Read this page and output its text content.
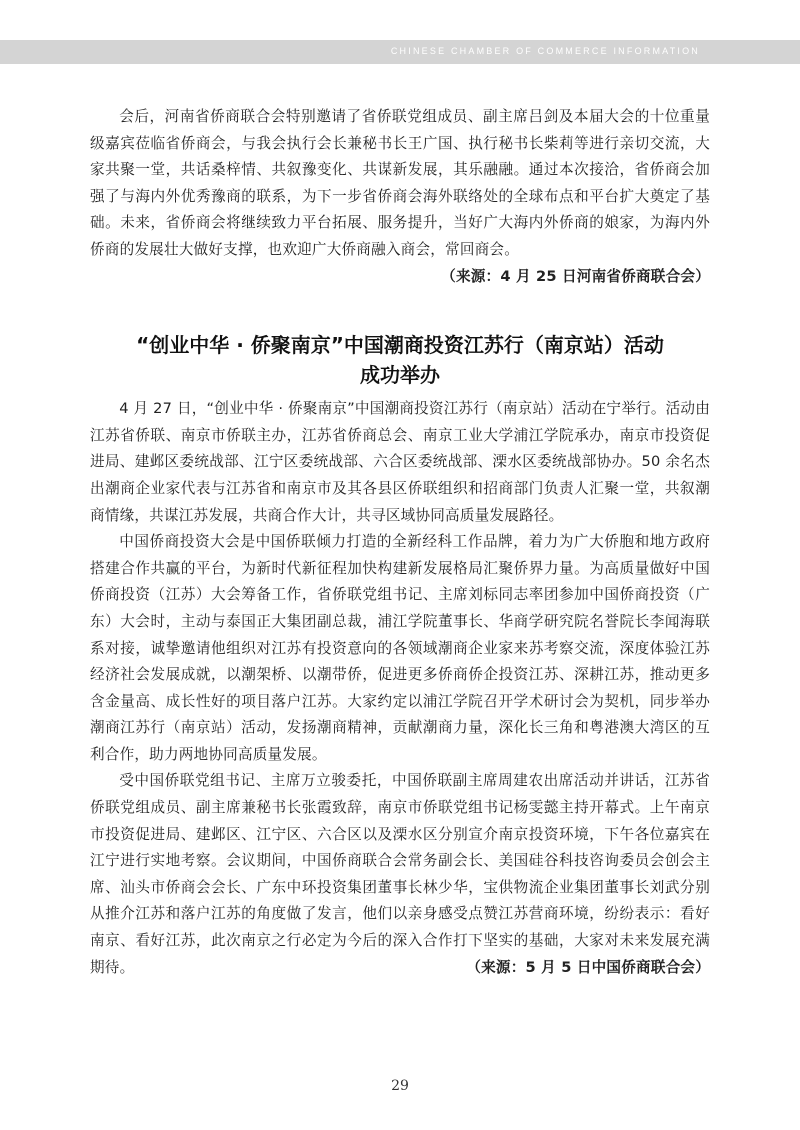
CHINESE CHAMBER OF COMMERCE INFORMATION

会后，河南省侨商联合会特别邀请了省侨联党组成员、副主席吕剑及本届大会的十位重量级嘉宾莅临省侨商会，与我会执行会长兼秘书长王广国、执行秘书长柴莉等进行亲切交流，大家共聚一堂，共话桑梓情、共叙豫变化、共谋新发展，其乐融融。通过本次接洽，省侨商会加强了与海内外优秀豫商的联系，为下一步省侨商会海外联络处的全球布点和平台扩大奠定了基础。未来，省侨商会将继续致力平台拓展、服务提升，当好广大海内外侨商的娘家，为海内外侨商的发展壮大做好支撑，也欢迎广大侨商融入商会，常回商会。

（来源：4 月 25 日河南省侨商联合会）

“创业中华 · 侨聚南京”中国潮商投资江苏行（南京站）活动
成功举办

4 月 27 日，“创业中华 · 侨聚南京”中国潮商投资江苏行（南京站）活动在宁举行。活动由江苏省侨联、南京市侨联主办，江苏省侨商总会、南京工业大学浦江学院承办，南京市投资促进局、建邺区委统战部、江宁区委统战部、六合区委统战部、溧水区委统战部协办。50 余名杰出潮商企业家代表与江苏省和南京市及其各县区侨联组织和招商部门负责人汇聚一堂，共叙潮商情缘，共谋江苏发展，共商合作大计，共寻区域协同高质量发展路径。

中国侨商投资大会是中国侨联倾力打造的全新经科工作品牌，着力为广大侨胞和地方政府搭建合作共赢的平台，为新时代新征程加快构建新发展格局汇聚侨界力量。为高质量做好中国侨商投资（江苏）大会筹备工作，省侨联党组书记、主席刘标同志率团参加中国侨商投资（广东）大会时，主动与泰国正大集团副总裁，浦江学院董事长、华商学研究院名誉院长李闻海联系对接，诚挚邀请他组织对江苏有投资意向的各领域潮商企业家来苏考察交流，深度体验江苏经济社会发展成就，以潮架桥、以潮带侨，促进更多侨商侨企投资江苏、深耕江苏，推动更多含金量高、成长性好的项目落户江苏。大家约定以浦江学院召开学术研讨会为契机，同步举办潮商江苏行（南京站）活动，发扬潮商精神，贡献潮商力量，深化长三角和粤港澳大湾区的互利合作，助力两地协同高质量发展。

受中国侨联党组书记、主席万立骏委托，中国侨联副主席周建农出席活动并讲话，江苏省侨联党组成员、副主席兼秘书长张霞致辞，南京市侨联党组书记杨雯懿主持开幕式。上午南京市投资促进局、建邺区、江宁区、六合区以及溧水区分别宣介南京投资环境，下午各位嘉宾在江宁进行实地考察。会议期间，中国侨商联合会常务副会长、美国硅谷科技咨询委员会创会主席、汕头市侨商会会长、广东中环投资集团董事长林少华，宝供物流企业集团董事长刘武分别从推介江苏和落户江苏的角度做了发言，他们以亲身感受点赞江苏营商环境，纷纷表示：看好南京、看好江苏，此次南京之行必定为今后的深入合作打下坚实的基础，大家对未来发展充满期待。	（来源：5 月 5 日中国侨商联合会）

29
